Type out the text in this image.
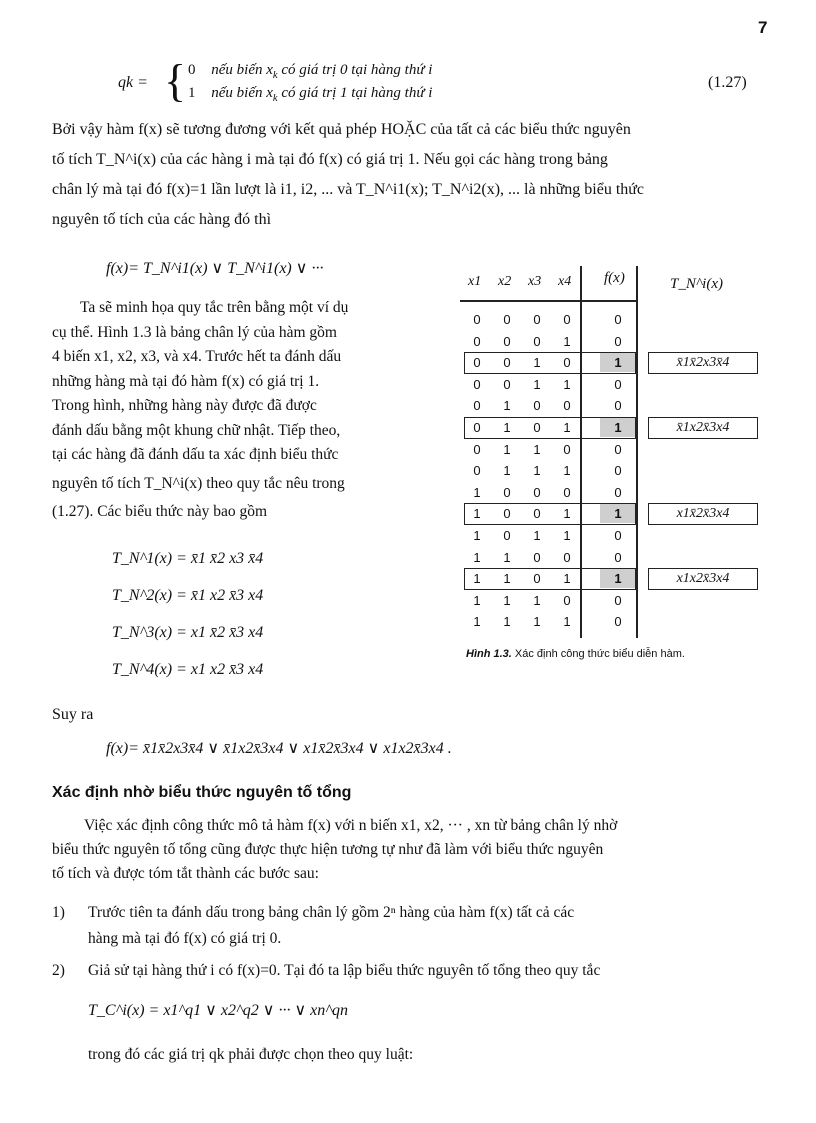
7
qk = { 0 nếu biến $x_k$ có giá trị 0 tại hàng thứ i
1 nếu biến $x_k$ có giá trị 1 tại hàng thứ i
(1.27)
Bởi vậy hàm f(x) sẽ tương đương với kết quả phép HOẶC của tất cả các biểu thức nguyên
tố tích T_N^i(x) của các hàng i mà tại đó f(x) có giá trị 1. Nếu gọi các hàng trong bảng
chân lý mà tại đó f(x)=1 lần lượt là i1, i2, ... và T_N^i1(x); T_N^i2(x), ... là những biểu thức
nguyên tố tích của các hàng đó thì
f(x)= T_N^i1(x) ∨ T_N^i1(x) ∨ ···
Ta sẽ minh họa quy tắc trên bằng một ví dụ
cụ thể. Hình 1.3 là bảng chân lý của hàm gồm
4 biến x1, x2, x3, và x4. Trước hết ta đánh dấu
những hàng mà tại đó hàm f(x) có giá trị 1.
Trong hình, những hàng này được đã được
đánh dấu bằng một khung chữ nhật. Tiếp theo,
tại các hàng đã đánh dấu ta xác định biểu thức
nguyên tố tích T_N^i(x) theo quy tắc nêu trong
(1.27). Các biểu thức này bao gồm
T_N^1(x) = x̄1 x̄2 x3 x̄4
T_N^2(x) = x̄1 x2 x̄3 x4
T_N^3(x) = x1 x̄2 x̄3 x4
T_N^4(x) = x1 x2 x̄3 x4
x1 x2 x3 x4 f(x)	T_N^i(x)
0	0	0	0	0
0	0	0	1	0
0	0	1	0	1	x̄1x̄2x3x̄4
0	0	1	1	0
0	1	0	0	0
0	1	0	1	1	x̄1x2x̄3x4
0	1	1	0	0
0	1	1	1	0
1	0	0	0	0
1	0	0	1	1	x1x̄2x̄3x4
1	0	1	1	0
1	1	0	0	0
1	1	0	1	1	x1x2x̄3x4
1	1	1	0	0
1	1	1	1	0
Hình 1.3. Xác định công thức biểu diễn hàm.
Suy ra
f(x)= x̄1x̄2x3x̄4 ∨ x̄1x2x̄3x4 ∨ x1x̄2x̄3x4 ∨ x1x2x̄3x4 .
Xác định nhờ biểu thức nguyên tố tổng
Việc xác định công thức mô tả hàm f(x) với n biến x1, x2, ··· , xn từ bảng chân lý nhờ
biểu thức nguyên tố tổng cũng được thực hiện tương tự như đã làm với biểu thức nguyên
tố tích và được tóm tắt thành các bước sau:
1) Trước tiên ta đánh dấu trong bảng chân lý gồm 2ⁿ hàng của hàm f(x) tất cả các
hàng mà tại đó f(x) có giá trị 0.
2) Giả sử tại hàng thứ i có f(x)=0. Tại đó ta lập biểu thức nguyên tố tổng theo quy tắc
T_C^i(x) = x1^q1 ∨ x2^q2 ∨ ··· ∨ xn^qn
trong đó các giá trị qk phải được chọn theo quy luật:
